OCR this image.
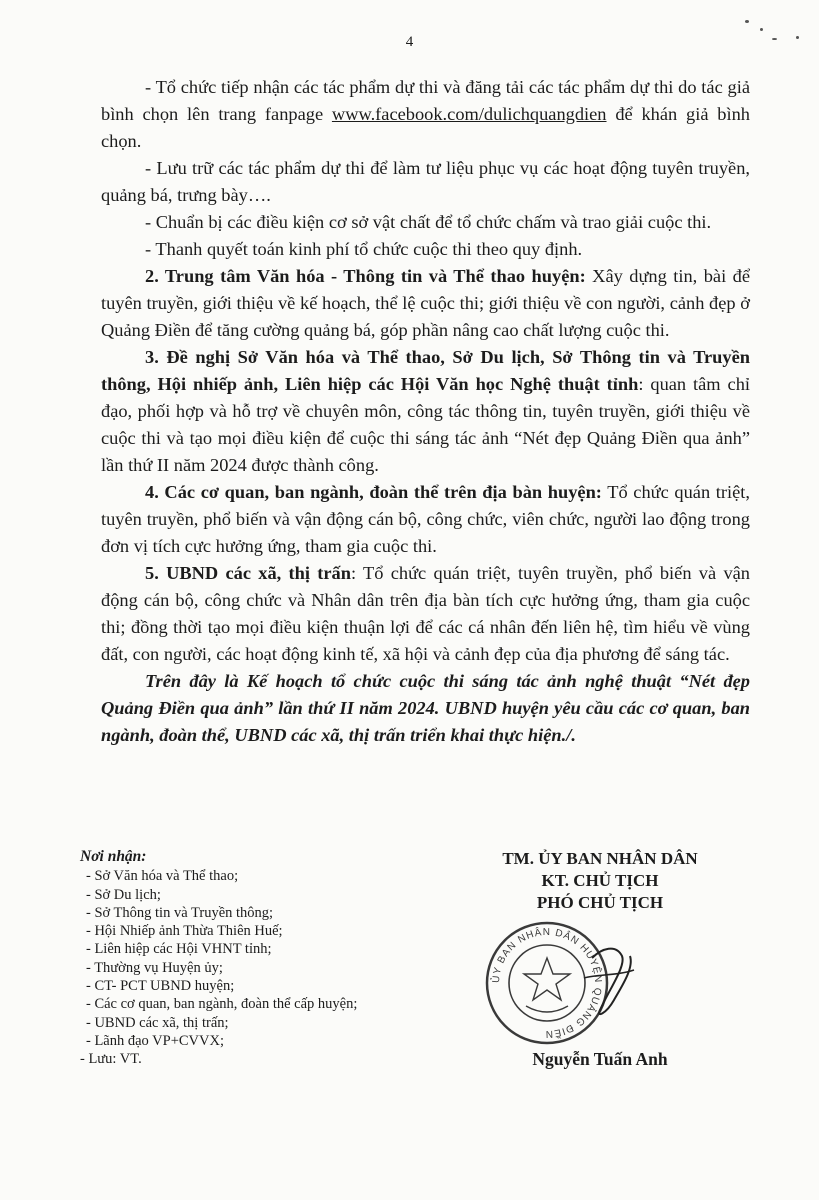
4

- Tổ chức tiếp nhận các tác phẩm dự thi và đăng tải các tác phẩm dự thi do tác giả bình chọn lên trang fanpage www.facebook.com/dulichquangdien để khán giả bình chọn.

- Lưu trữ các tác phẩm dự thi để làm tư liệu phục vụ các hoạt động tuyên truyền, quảng bá, trưng bày….

- Chuẩn bị các điều kiện cơ sở vật chất để tổ chức chấm và trao giải cuộc thi.

- Thanh quyết toán kinh phí tổ chức cuộc thi theo quy định.

2. Trung tâm Văn hóa - Thông tin và Thể thao huyện: Xây dựng tin, bài để tuyên truyền, giới thiệu về kế hoạch, thể lệ cuộc thi; giới thiệu về con người, cảnh đẹp ở Quảng Điền để tăng cường quảng bá, góp phần nâng cao chất lượng cuộc thi.

3. Đề nghị Sở Văn hóa và Thể thao, Sở Du lịch, Sở Thông tin và Truyền thông, Hội nhiếp ảnh, Liên hiệp các Hội Văn học Nghệ thuật tỉnh: quan tâm chỉ đạo, phối hợp và hỗ trợ về chuyên môn, công tác thông tin, tuyên truyền, giới thiệu về cuộc thi và tạo mọi điều kiện để cuộc thi sáng tác ảnh “Nét đẹp Quảng Điền qua ảnh” lần thứ II năm 2024 được thành công.

4. Các cơ quan, ban ngành, đoàn thể trên địa bàn huyện: Tổ chức quán triệt, tuyên truyền, phổ biến và vận động cán bộ, công chức, viên chức, người lao động trong đơn vị tích cực hưởng ứng, tham gia cuộc thi.

5. UBND các xã, thị trấn: Tổ chức quán triệt, tuyên truyền, phổ biến và vận động cán bộ, công chức và Nhân dân trên địa bàn tích cực hưởng ứng, tham gia cuộc thi; đồng thời tạo mọi điều kiện thuận lợi để các cá nhân đến liên hệ, tìm hiểu về vùng đất, con người, các hoạt động kinh tế, xã hội và cảnh đẹp của địa phương để sáng tác.

Trên đây là Kế hoạch tổ chức cuộc thi sáng tác ảnh nghệ thuật “Nét đẹp Quảng Điền qua ảnh” lần thứ II năm 2024. UBND huyện yêu cầu các cơ quan, ban ngành, đoàn thể, UBND các xã, thị trấn triển khai thực hiện./.

Nơi nhận:
- Sở Văn hóa và Thể thao;
- Sở Du lịch;
- Sở Thông tin và Truyền thông;
- Hội Nhiếp ảnh Thừa Thiên Huế;
- Liên hiệp các Hội VHNT tỉnh;
- Thường vụ Huyện ủy;
- CT- PCT UBND huyện;
- Các cơ quan, ban ngành, đoàn thể cấp huyện;
- UBND các xã, thị trấn;
- Lãnh đạo VP+CVVX;
- Lưu: VT.
TM. ỦY BAN NHÂN DÂN
KT. CHỦ TỊCH
PHÓ CHỦ TỊCH
ỦY BAN NHÂN DÂN HUYỆN QUẢNG ĐIỀN
Nguyễn Tuấn Anh
